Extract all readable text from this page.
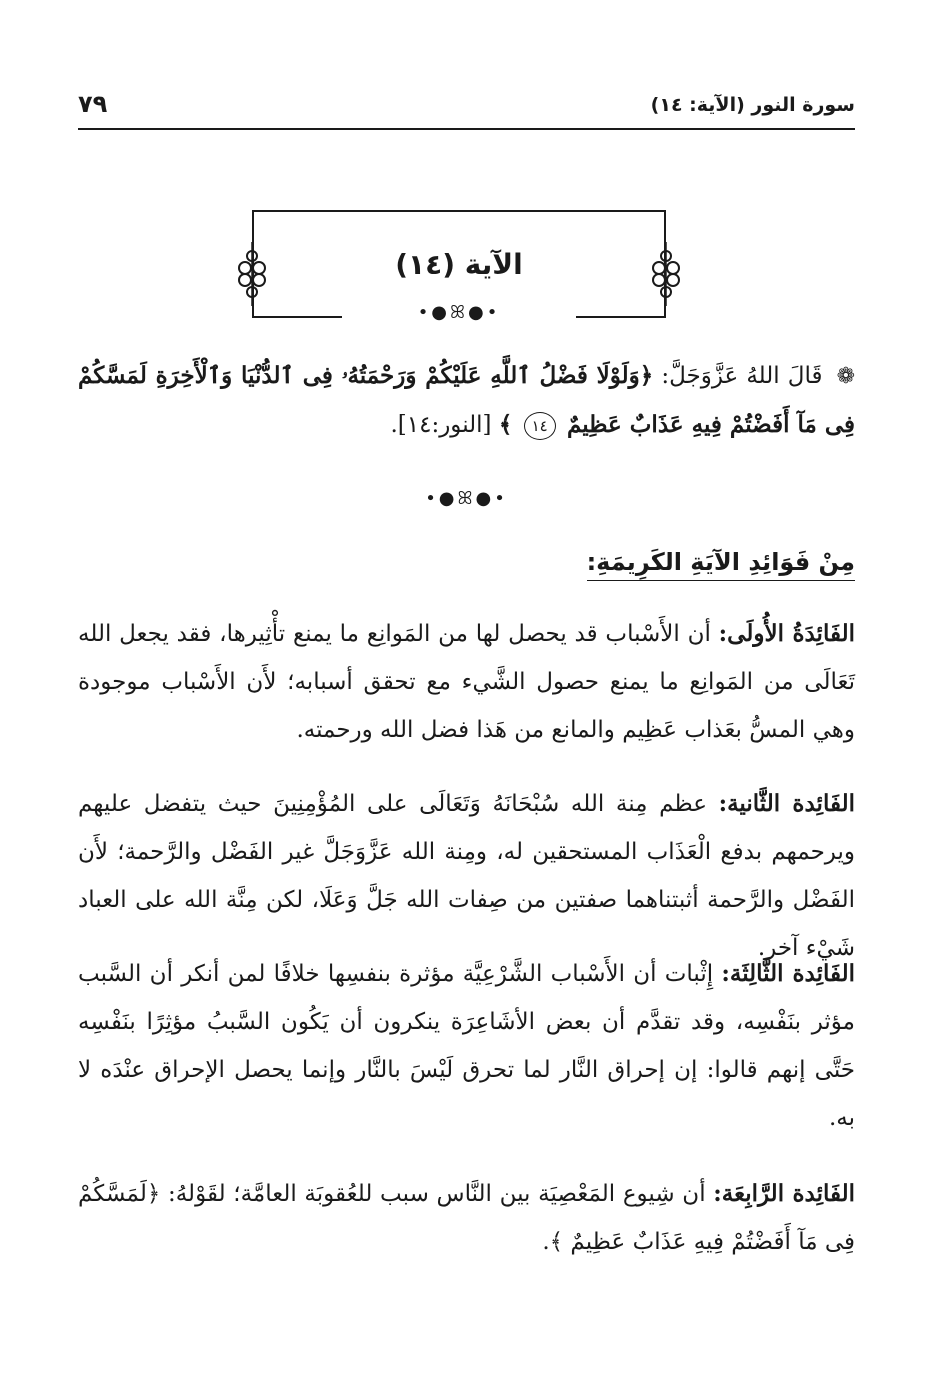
سورة النور (الآية: ١٤)
٧٩
الآية (١٤)
•●ꕤ●•
❁ قَالَ اللهُ عَزَّوَجَلَّ: ﴿وَلَوْلَا فَضْلُ ٱللَّهِ عَلَيْكُمْ وَرَحْمَتُهُۥ فِى ٱلدُّنْيَا وَٱلْأَخِرَةِ لَمَسَّكُمْ فِى مَآ أَفَضْتُمْ فِيهِ عَذَابٌ عَظِيمٌ ١٤ ﴾ [النور:١٤].
•●ꕤ●•
مِنْ فَوَائِدِ الآيَةِ الكَرِيمَةِ:
الفَائِدَةُ الأُولَى: أن الأَسْباب قد يحصل لها من المَوانِع ما يمنع تأْثِيرها، فقد يجعل الله تَعَالَى من المَوانِع ما يمنع حصول الشَّيء مع تحقق أسبابه؛ لأَن الأَسْباب موجودة وهي المسُّ بعَذاب عَظِيم والمانع من هَذا فضل الله ورحمته.
الفَائِدة الثَّانية: عظم مِنة الله سُبْحَانَهُ وَتَعَالَى على المُؤْمِنِينَ حيث يتفضل عليهم ويرحمهم بدفع الْعَذَاب المستحقين له، ومِنة الله عَزَّوَجَلَّ غير الفَضْل والرَّحمة؛ لأَن الفَضْل والرَّحمة أثبتناهما صفتين من صِفات الله جَلَّ وَعَلَا، لكن مِنَّة الله على العباد شَيْء آخر.
الفَائِدة الثَّالِثَة: إِثْبات أن الأَسْباب الشَّرْعِيَّة مؤثرة بنفسِها خلافًا لمن أنكر أن السَّبب مؤثر بنَفْسِه، وقد تقدَّم أن بعض الأشَاعِرَة ينكرون أن يَكُون السَّببُ مؤثِرًا بنَفْسِه حَتَّى إنهم قالوا: إن إحراق النَّار لما تحرق لَيْسَ بالنَّار وإنما يحصل الإحراق عنْدَه لا به.
الفَائِدة الرَّابِعَة: أن شِيوع المَعْصِيَة بين النَّاس سبب للعُقوبَة العامَّة؛ لقَوْلهُ: ﴿لَمَسَّكُمْ فِى مَآ أَفَضْتُمْ فِيهِ عَذَابٌ عَظِيمٌ ﴾.
